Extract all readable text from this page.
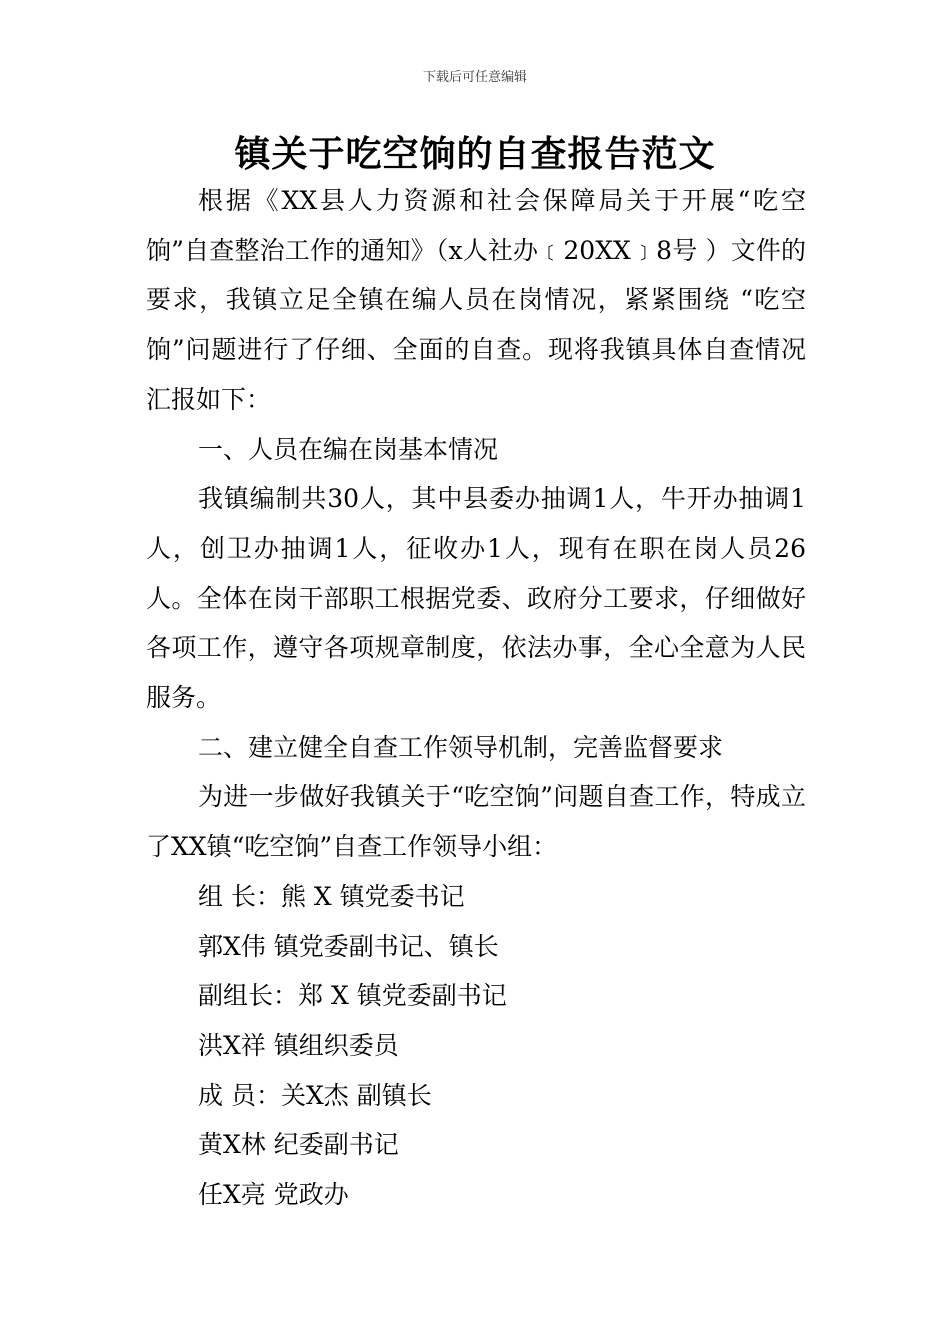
下载后可任意编辑
镇关于吃空饷的自查报告范文

根据《XX县人力资源和社会保障局关于开展“吃空饷”自查整治工作的通知》（x人社办﹝20XX﹞8号 ）文件的要求，我镇立足全镇在编人员在岗情况，紧紧围绕 “吃空饷”问题进行了仔细、全面的自查。现将我镇具体自查情况汇报如下：

一、人员在编在岗基本情况

我镇编制共30人，其中县委办抽调1人，牛开办抽调1人，创卫办抽调1人，征收办1人，现有在职在岗人员26人。全体在岗干部职工根据党委、政府分工要求，仔细做好各项工作，遵守各项规章制度，依法办事，全心全意为人民服务。

二、建立健全自查工作领导机制，完善监督要求

为进一步做好我镇关于“吃空饷”问题自查工作，特成立了XX镇“吃空饷”自查工作领导小组：

组 长：熊 X 镇党委书记

郭X伟 镇党委副书记、镇长

副组长：郑 X 镇党委副书记

洪X祥 镇组织委员

成 员：关X杰 副镇长

黄X林 纪委副书记

任X亮 党政办
